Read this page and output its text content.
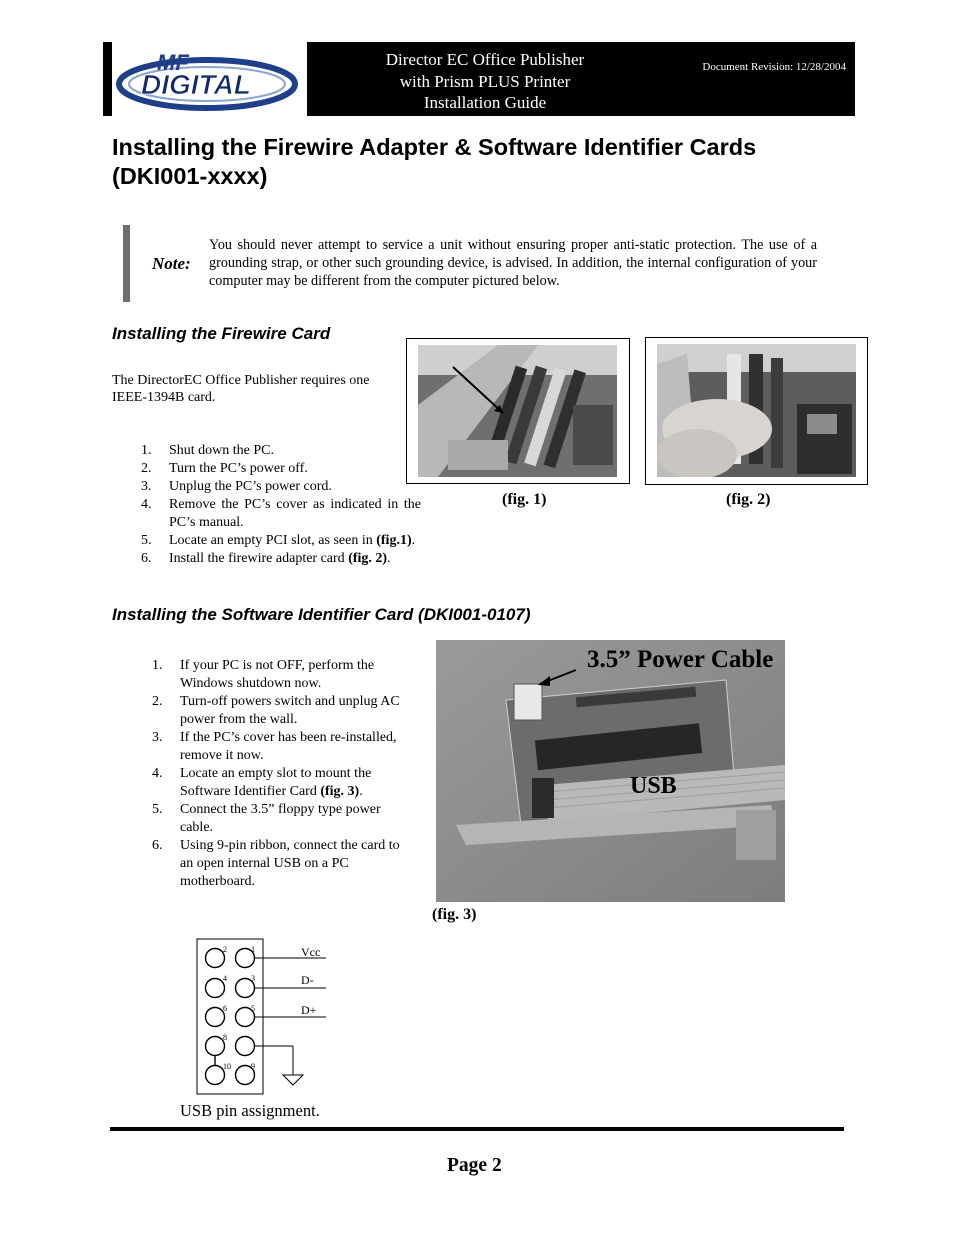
MF
DIGITAL
Director EC Office Publisher
with Prism PLUS Printer
Installation Guide
Document Revision: 12/28/2004
Installing the Firewire Adapter & Software Identifier Cards
(DKI001-xxxx)
Note:
You should never attempt to service a unit without ensuring proper anti-static protection. The use of a grounding strap, or other such grounding device, is advised. In addition, the internal configuration of your computer may be different from the computer pictured below.
Installing the Firewire Card
The DirectorEC Office Publisher requires one IEEE-1394B card.
1. Shut down the PC.
2. Turn the PC’s power off.
3. Unplug the PC’s power cord.
4. Remove the PC’s cover as indicated in the PC’s manual.
5. Locate an empty PCI slot, as seen in (fig.1).
6. Install the firewire adapter card (fig. 2).
(fig. 1)	(fig. 2)
Installing the Software Identifier Card (DKI001-0107)
1. If your PC is not OFF, perform the Windows shutdown now.
2. Turn-off powers switch and unplug AC power from the wall.
3. If the PC’s cover has been re-installed, remove it now.
4. Locate an empty slot to mount the Software Identifier Card (fig. 3).
5. Connect the 3.5” floppy type power cable.
6. Using 9-pin ribbon, connect the card to an open internal USB on a PC motherboard.
3.5” Power Cable
USB
(fig. 3)
2	1
4	3
6	5
8
10	9
Vcc
D-
D+
USB pin assignment.
Page 2
